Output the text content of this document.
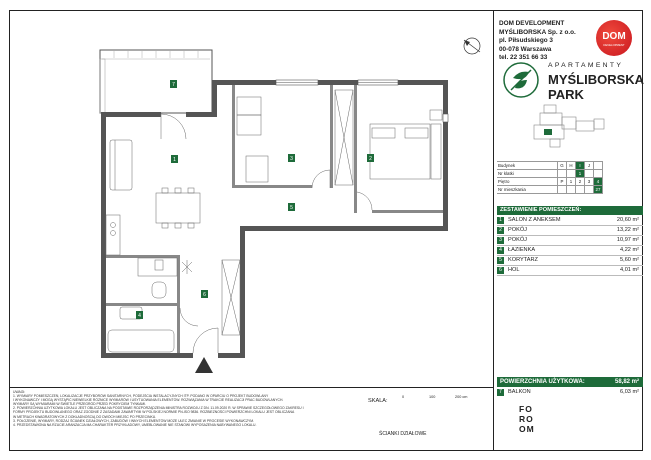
7
1	2
3
4
5
6
SKALA:
0	100	200 cm
ŚCIANKI DZIAŁOWE
UWAGI:
1. WYMIARY POMIESZCZEŃ, LOKALIZACJE PRZYBORÓW SANITARNYCH, PODEJŚCIA INSTALACYJNYCH ITP. PODANO W OPARCIU O PROJEKT BUDOWLANY
I WYKONAWCZY I MOGĄ WYSTĄPIĆ NIEWIELKIE RÓŻNICE WYMIARÓW I USYTUOWANIA ELEMENTÓW. ROZWIĄZANIA W TRAKCIE REALIZACJI PRAC BUDOWLANYCH.
WYMIARY SĄ WYMIARAMI W ŚWIETLE PRZEGRÓD PRZED POKRYCIEM TYNKAMI.
2. POWIERZCHNIA UŻYTKOWA LOKALU JEST OBLICZANA NA PODSTAWIE ROZPORZĄDZENIA MINISTRA ROZWOJU Z DN. 11.09.2020 R. W SPRAWIE SZCZEGÓŁOWEGO ZAKRESU I
FORMY PROJEKTU BUDOWLANEGO ORAZ ZGODNIE Z ZASADAMI ZAWARTYMI W POLSKIEJ NORMIE PN-ISO 9836. ROZBIEŻNOŚCI POWIERZCHNI LOKALU JEST OBLICZANA
W METRACH KWADRATOWYCH Z DOKŁADNOŚCIĄ DO DWÓCH MIEJSC PO PRZECINKU.
3. POŁOŻENIE, WYMIARY, RODZAJ ŚCIANEK DZIAŁOWYCH, ZABUDÓW I INNYCH ELEMENTÓW MOŻE ULEC ZMIANIE W PROCESIE WYKONAWCZYM.
4. PRZEDSTAWIONA NA RZUCIE ARANŻACJA MA CHARAKTER PRZYKŁADOWY, UMEBLOWANIE NIE STANOWI WYPOSAŻENIA NABYWANEGO LOKALU.
DOM DEVELOPMENT
MYŚLIBORSKA Sp. z o.o.
pl. Piłsudskiego 3
00-078 Warszawa
tel. 22 351 66 33
DOM
DEVELOPMENT
APARTAMENTY
MYŚLIBORSKA
PARK
Budynek	G	H	I	J	
Nr klatki			1		
Piętro	P	1	2	3	4
Nr mieszkania					27
ZESTAWIENIE POMIESZCZEŃ:
1	SALON Z ANEKSEM	20,60 m²
2	POKÓJ	13,22 m²
3	POKÓJ	10,97 m²
4	ŁAZIENKA	4,22 m²
5	KORYTARZ	5,60 m²
6	HOL	4,01 m²
POWIERZCHNIA UŻYTKOWA:	58,82 m²
7	BALKON	6,03 m²
FO
RO
OM
